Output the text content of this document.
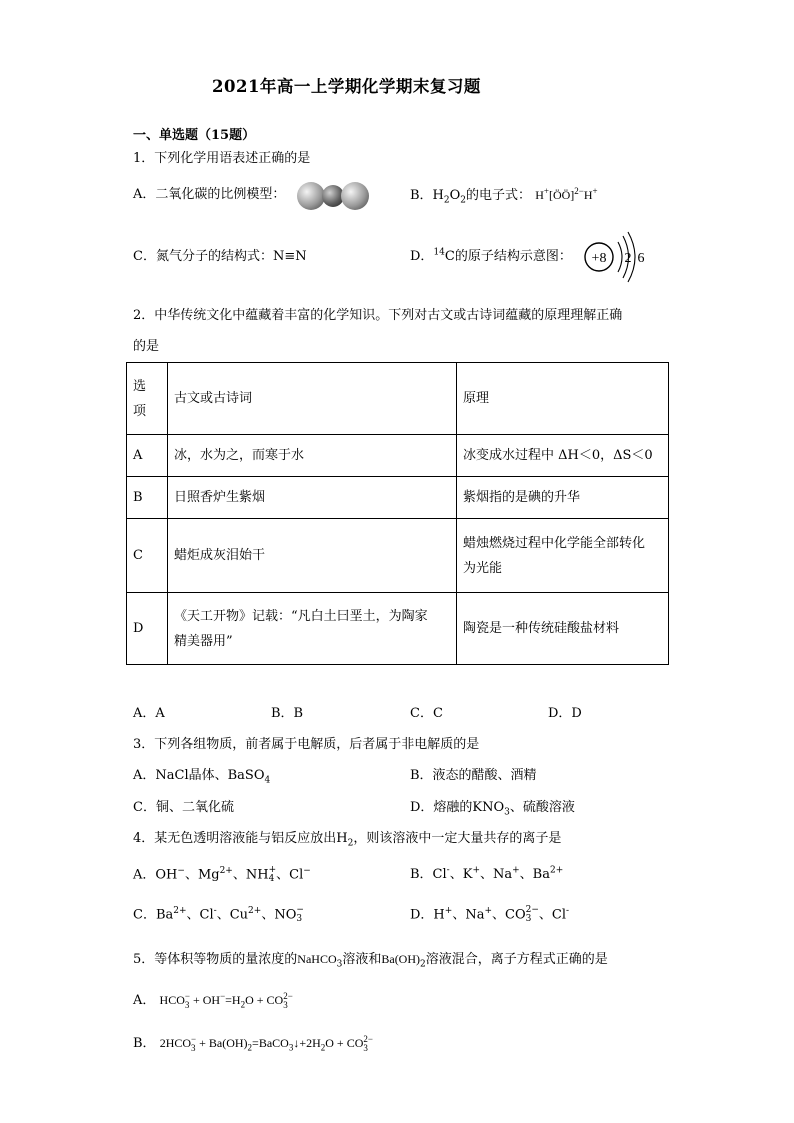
2021年高一上学期化学期末复习题
一、单选题（15题）
1．下列化学用语表述正确的是
A．二氧化碳的比例模型：	B．$H_2O_2$的电子式： H+[ÖÖ]$^{2-}$H+
C．氮气分子的结构式：N≡N	D．$^{14}$C的原子结构示意图： +8 2 6
2．中华传统文化中蕴藏着丰富的化学知识。下列对古文或古诗词蕴藏的原理理解正确
的是
选
项	古文或古诗词	原理
A	冰，水为之，而寒于水	冰变成水过程中 ΔH＜0，ΔS＜0
B	日照香炉生紫烟	紫烟指的是碘的升华
C	蜡炬成灰泪始干	蜡烛燃烧过程中化学能全部转化
为光能

D	《天工开物》记载：“凡白土曰垩土，为陶家
精美器用”	陶瓷是一种传统硅酸盐材料
A．A	B．B	C．C	D．D
3．下列各组物质，前者属于电解质，后者属于非电解质的是
A．NaCl晶体、BaSO$_4$	B．液态的醋酸、酒精
C．铜、二氧化硫	D．熔融的$KNO_3$、硫酸溶液
4．某无色透明溶液能与铝反应放出$H_2$，则该溶液中一定大量共存的离子是
A．OH−、$Mg^{2+}$、NH +
4 、Cl−	B．Cl-、K+、Na+、$Ba^{2+}$
C．$Ba^{2+}$、Cl-、$Cu^{2+}$、NO −
3	D．H+、Na+、CO 2−
3 、Cl-
5．等体积等物质的量浓度的NaHCO$_3$溶液和$Ba(OH)_2$溶液混合，离子方程式正确的是
A． HCO −
$3 + OH^-=H_2O$ + CO 2−
3
B． 2HCO −
$3 + Ba(OH)_2=BaCO_3↓+2H_2O$ + CO 2−
3
